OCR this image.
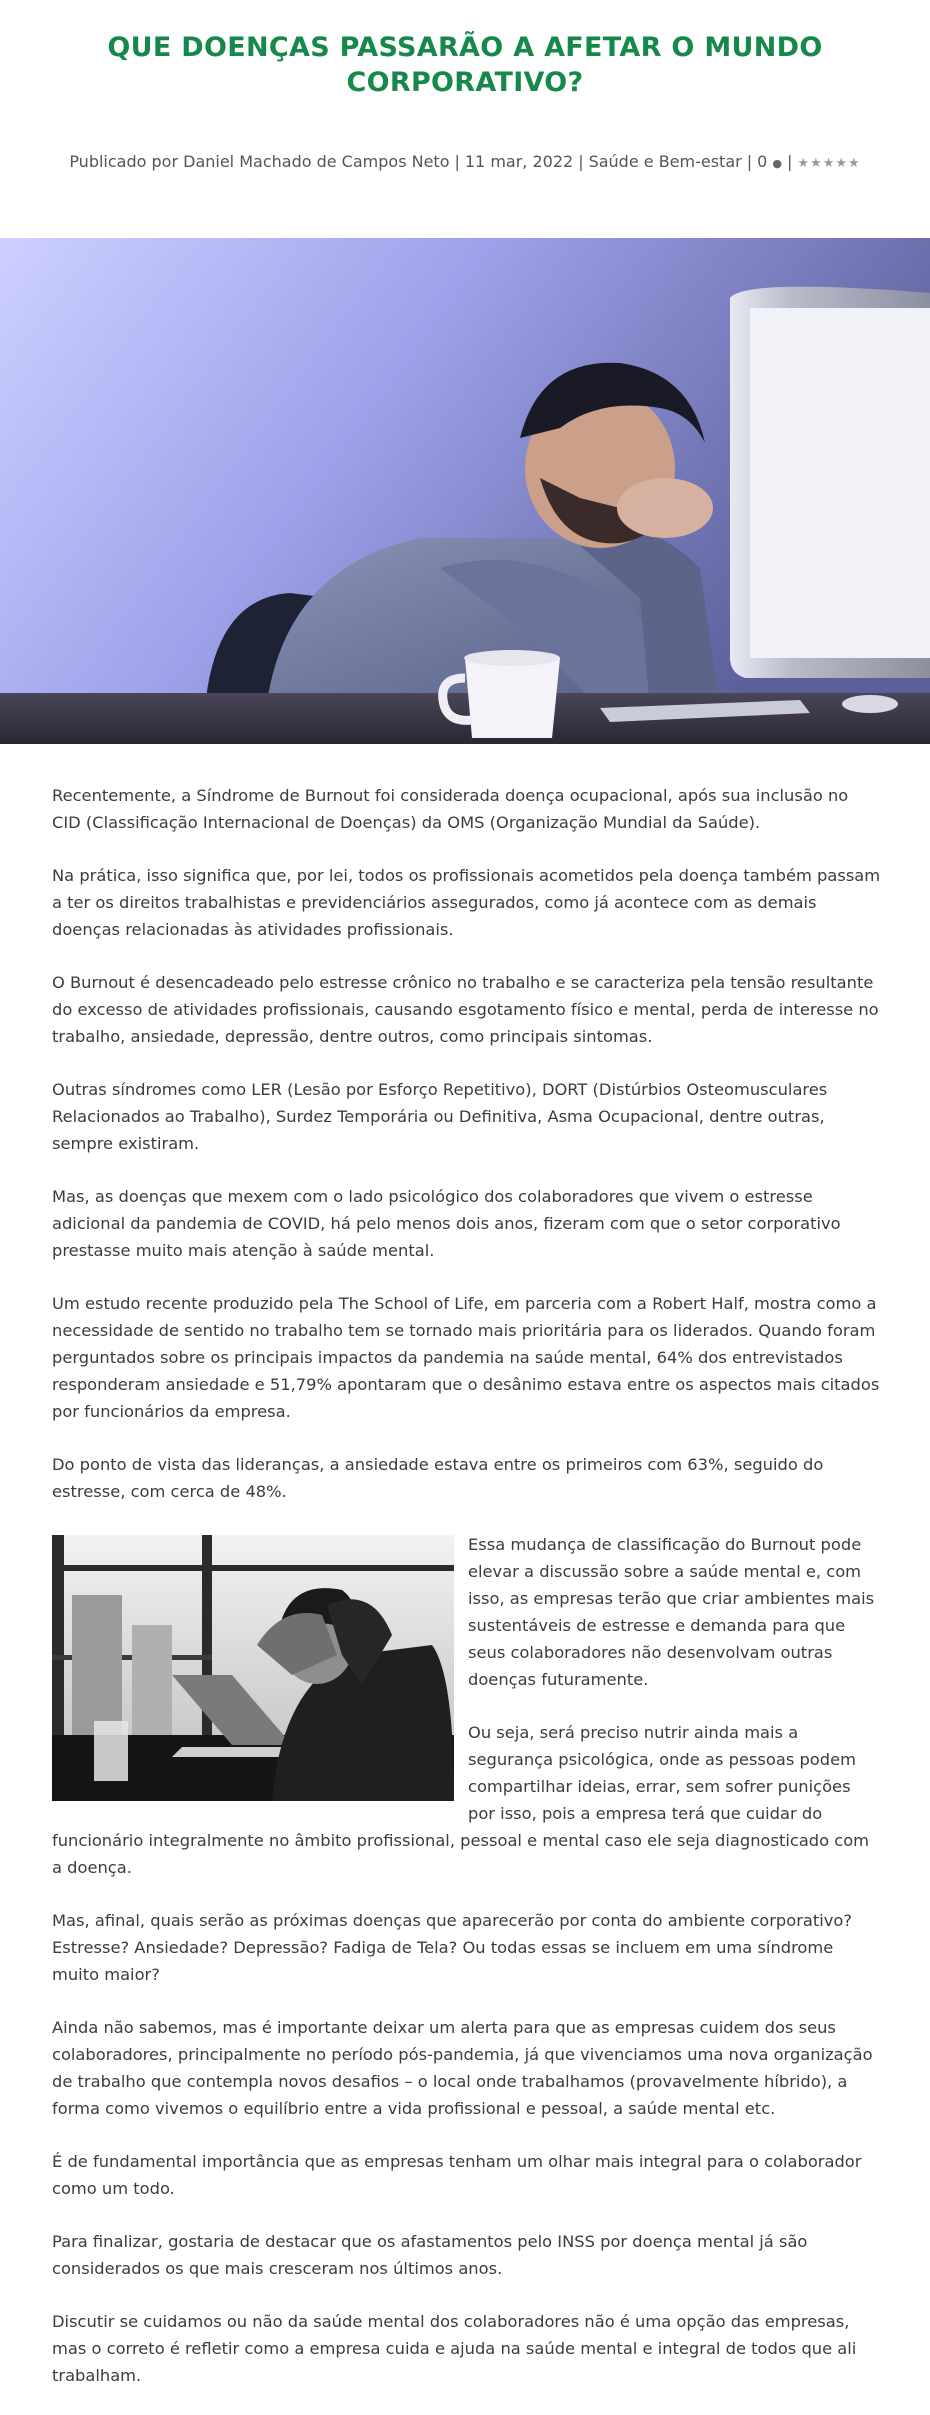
QUE DOENÇAS PASSARÃO A AFETAR O MUNDO CORPORATIVO?
Publicado por Daniel Machado de Campos Neto | 11 mar, 2022 | Saúde e Bem-estar | 0 ● | ★★★★★

Recentemente, a Síndrome de Burnout foi considerada doença ocupacional, após sua inclusão no CID (Classificação Internacional de Doenças) da OMS (Organização Mundial da Saúde).

Na prática, isso significa que, por lei, todos os profissionais acometidos pela doença também passam a ter os direitos trabalhistas e previdenciários assegurados, como já acontece com as demais doenças relacionadas às atividades profissionais.

O Burnout é desencadeado pelo estresse crônico no trabalho e se caracteriza pela tensão resultante do excesso de atividades profissionais, causando esgotamento físico e mental, perda de interesse no trabalho, ansiedade, depressão, dentre outros, como principais sintomas.

Outras síndromes como LER (Lesão por Esforço Repetitivo), DORT (Distúrbios Osteomusculares Relacionados ao Trabalho), Surdez Temporária ou Definitiva, Asma Ocupacional, dentre outras, sempre existiram.

Mas, as doenças que mexem com o lado psicológico dos colaboradores que vivem o estresse adicional da pandemia de COVID, há pelo menos dois anos, fizeram com que o setor corporativo prestasse muito mais atenção à saúde mental.

Um estudo recente produzido pela The School of Life, em parceria com a Robert Half, mostra como a necessidade de sentido no trabalho tem se tornado mais prioritária para os liderados. Quando foram perguntados sobre os principais impactos da pandemia na saúde mental, 64% dos entrevistados responderam ansiedade e 51,79% apontaram que o desânimo estava entre os aspectos mais citados por funcionários da empresa.

Do ponto de vista das lideranças, a ansiedade estava entre os primeiros com 63%, seguido do estresse, com cerca de 48%.

Essa mudança de classificação do Burnout pode elevar a discussão sobre a saúde mental e, com isso, as empresas terão que criar ambientes mais sustentáveis de estresse e demanda para que seus colaboradores não desenvolvam outras doenças futuramente.

Ou seja, será preciso nutrir ainda mais a segurança psicológica, onde as pessoas podem compartilhar ideias, errar, sem sofrer punições por isso, pois a empresa terá que cuidar do funcionário integralmente no âmbito profissional, pessoal e mental caso ele seja diagnosticado com a doença.

Mas, afinal, quais serão as próximas doenças que aparecerão por conta do ambiente corporativo? Estresse? Ansiedade? Depressão? Fadiga de Tela? Ou todas essas se incluem em uma síndrome muito maior?

Ainda não sabemos, mas é importante deixar um alerta para que as empresas cuidem dos seus colaboradores, principalmente no período pós-pandemia, já que vivenciamos uma nova organização de trabalho que contempla novos desafios – o local onde trabalhamos (provavelmente híbrido), a forma como vivemos o equilíbrio entre a vida profissional e pessoal, a saúde mental etc.

É de fundamental importância que as empresas tenham um olhar mais integral para o colaborador como um todo.

Para finalizar, gostaria de destacar que os afastamentos pelo INSS por doença mental já são considerados os que mais cresceram nos últimos anos.

Discutir se cuidamos ou não da saúde mental dos colaboradores não é uma opção das empresas, mas o correto é refletir como a empresa cuida e ajuda na saúde mental e integral de todos que ali trabalham.
